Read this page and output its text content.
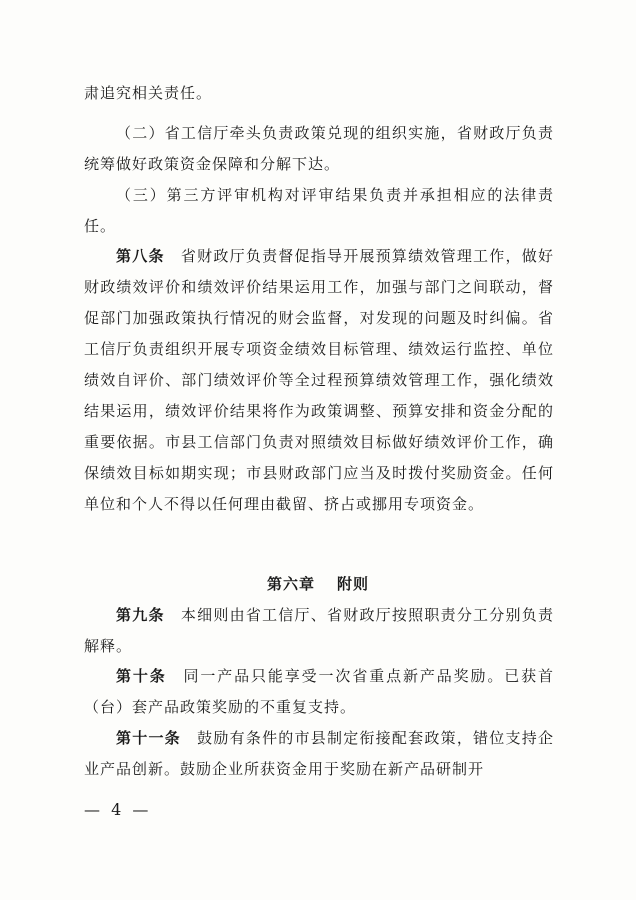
肃追究相关责任。

（二）省工信厅牵头负责政策兑现的组织实施，省财政厅负责统筹做好政策资金保障和分解下达。

（三）第三方评审机构对评审结果负责并承担相应的法律责任。

第八条　 省财政厅负责督促指导开展预算绩效管理工作，做好财政绩效评价和绩效评价结果运用工作，加强与部门之间联动，督促部门加强政策执行情况的财会监督，对发现的问题及时纠偏。省工信厅负责组织开展专项资金绩效目标管理、绩效运行监控、单位绩效自评价、部门绩效评价等全过程预算绩效管理工作，强化绩效结果运用，绩效评价结果将作为政策调整、预算安排和资金分配的重要依据。市县工信部门负责对照绩效目标做好绩效评价工作，确保绩效目标如期实现；市县财政部门应当及时拨付奖励资金。任何单位和个人不得以任何理由截留、挤占或挪用专项资金。

第六章 附则

第九条　 本细则由省工信厅、省财政厅按照职责分工分别负责解释。

第十条　 同一产品只能享受一次省重点新产品奖励。已获首（台）套产品政策奖励的不重复支持。

第十一条　 鼓励有条件的市县制定衔接配套政策，错位支持企业产品创新。鼓励企业所获资金用于奖励在新产品研制开

— 4 —
